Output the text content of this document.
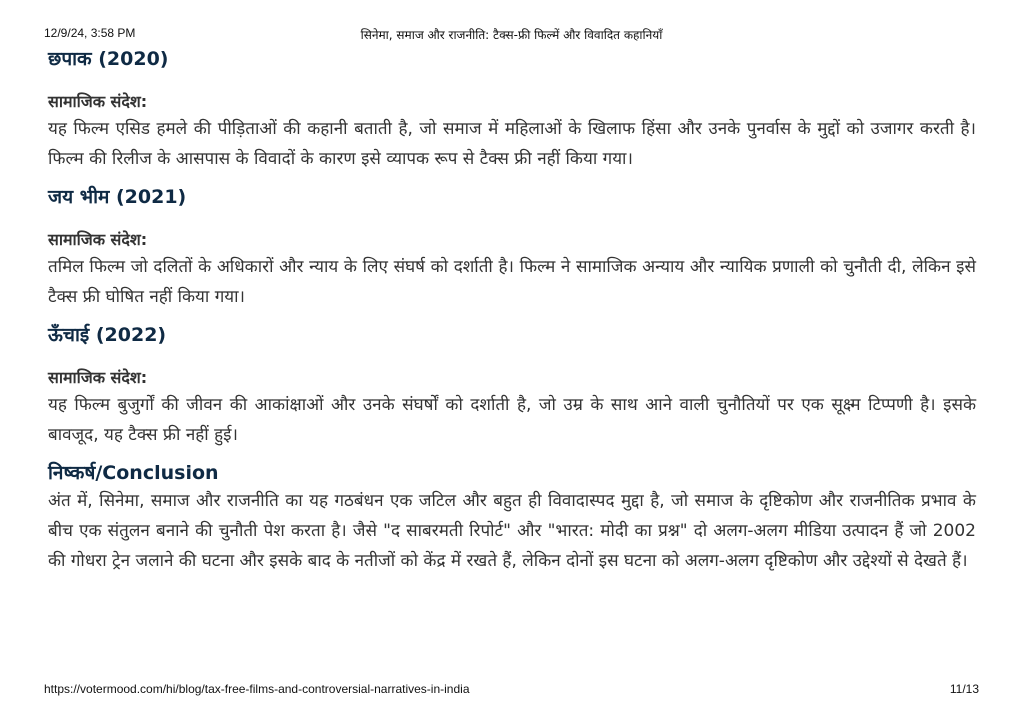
12/9/24, 3:58 PM	सिनेमा, समाज और राजनीति: टैक्स-फ्री फिल्में और विवादित कहानियाँ
छपाक (2020)
सामाजिक संदेश:

यह फिल्म एसिड हमले की पीड़िताओं की कहानी बताती है, जो समाज में महिलाओं के खिलाफ हिंसा और उनके पुनर्वास के मुद्दों को उजागर करती है। फिल्म की रिलीज के आसपास के विवादों के कारण इसे व्यापक रूप से टैक्स फ्री नहीं किया गया।

जय भीम (2021)
सामाजिक संदेश:

तमिल फिल्म जो दलितों के अधिकारों और न्याय के लिए संघर्ष को दर्शाती है। फिल्म ने सामाजिक अन्याय और न्यायिक प्रणाली को चुनौती दी, लेकिन इसे टैक्स फ्री घोषित नहीं किया गया।

ऊँचाई (2022)
सामाजिक संदेश:

यह फिल्म बुजुर्गों की जीवन की आकांक्षाओं और उनके संघर्षों को दर्शाती है, जो उम्र के साथ आने वाली चुनौतियों पर एक सूक्ष्म टिप्पणी है। इसके बावजूद, यह टैक्स फ्री नहीं हुई।

निष्कर्ष/Conclusion

अंत में, सिनेमा, समाज और राजनीति का यह गठबंधन एक जटिल और बहुत ही विवादास्पद मुद्दा है, जो समाज के दृष्टिकोण और राजनीतिक प्रभाव के बीच एक संतुलन बनाने की चुनौती पेश करता है। जैसे "द साबरमती रिपोर्ट" और "भारत: मोदी का प्रश्न" दो अलग-अलग मीडिया उत्पादन हैं जो 2002 की गोधरा ट्रेन जलाने की घटना और इसके बाद के नतीजों को केंद्र में रखते हैं, लेकिन दोनों इस घटना को अलग-अलग दृष्टिकोण और उद्देश्यों से देखते हैं।

https://votermood.com/hi/blog/tax-free-films-and-controversial-narratives-in-india	11/13
